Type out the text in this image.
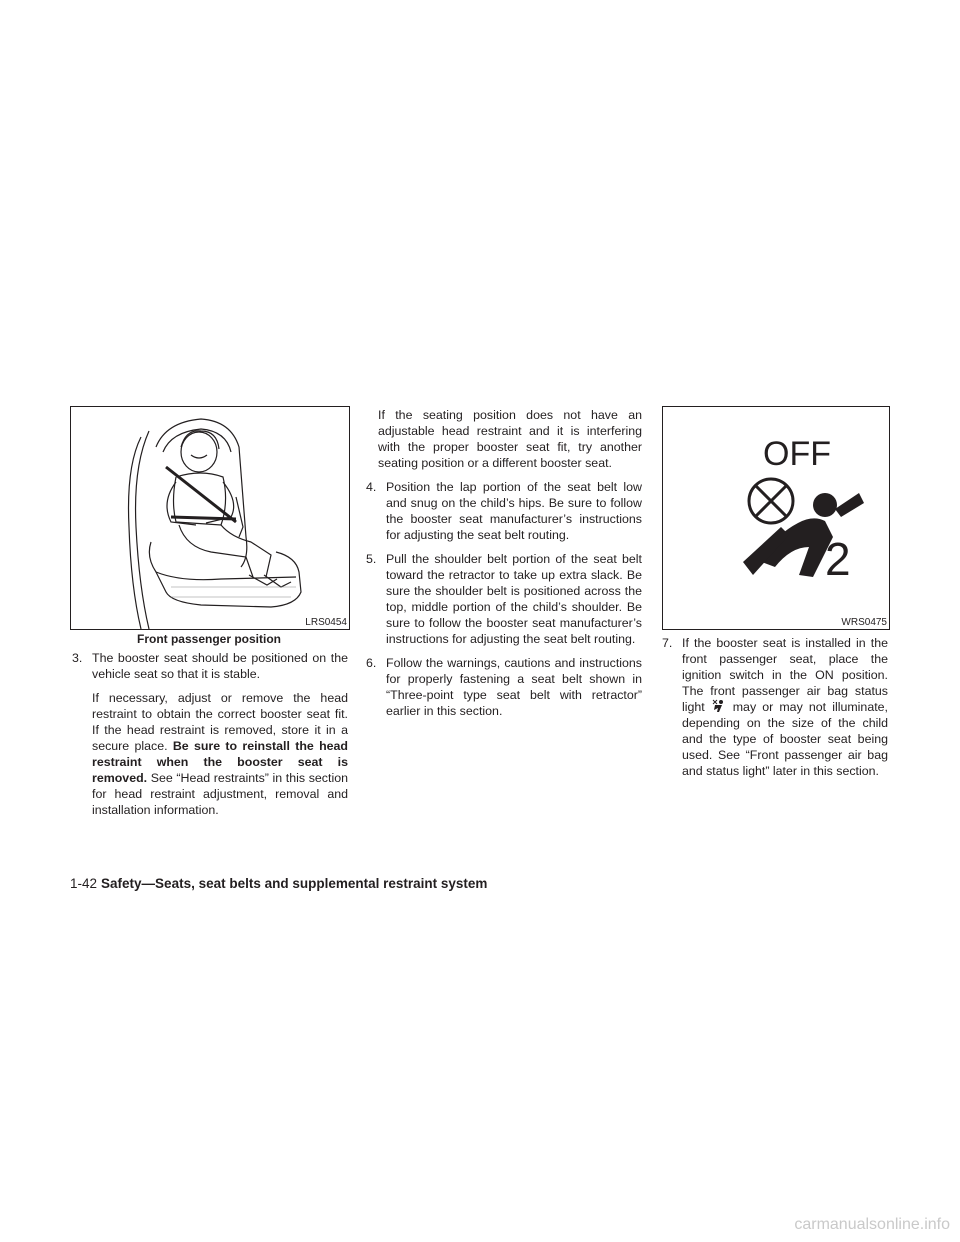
LRS0454
Front passenger position
OFF
2
WRS0475
3. The booster seat should be positioned on the vehicle seat so that it is stable.

If necessary, adjust or remove the head restraint to obtain the correct booster seat fit. If the head restraint is removed, store it in a secure place. Be sure to reinstall the head restraint when the booster seat is removed. See “Head restraints” in this section for head restraint adjustment, removal and installation information.

If the seating position does not have an adjustable head restraint and it is interfering with the proper booster seat fit, try another seating position or a different booster seat.

4. Position the lap portion of the seat belt low and snug on the child’s hips. Be sure to follow the booster seat manufacturer’s instructions for adjusting the seat belt routing.
5. Pull the shoulder belt portion of the seat belt toward the retractor to take up extra slack. Be sure the shoulder belt is positioned across the top, middle portion of the child’s shoulder. Be sure to follow the booster seat manufacturer’s instructions for adjusting the seat belt routing.
6. Follow the warnings, cautions and instructions for properly fastening a seat belt shown in “Three-point type seat belt with retractor” earlier in this section.
7. If the booster seat is installed in the front passenger seat, place the ignition switch in the ON position. The front passenger air bag status light may or may not illuminate, depending on the size of the child and the type of booster seat being used. See “Front passenger air bag and status light” later in this section.
1-42 Safety—Seats, seat belts and supplemental restraint system
carmanualsonline.info
